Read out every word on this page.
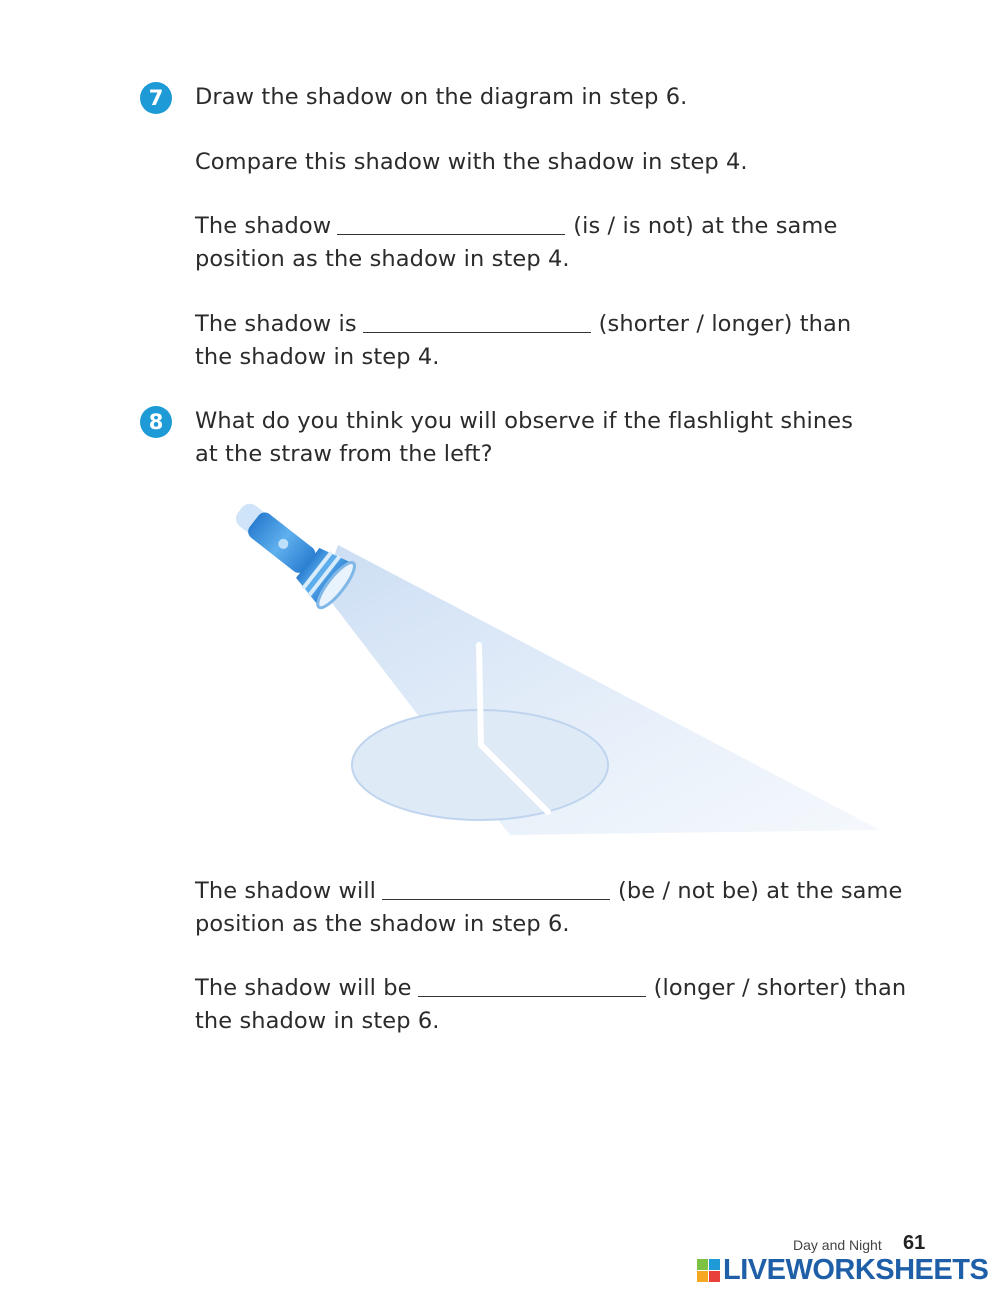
7	Draw the shadow on the diagram in step 6.
Compare this shadow with the shadow in step 4.
The shadow	(is / is not) at the same
position as the shadow in step 4.
The shadow is	(shorter / longer) than
the shadow in step 4.
8	What do you think you will observe if the flashlight shines
at the straw from the left?
The shadow will	(be / not be) at the same
position as the shadow in step 6.
The shadow will be	(longer / shorter) than
the shadow in step 6.
Day and Night 61
LIVEWORKSHEETS
